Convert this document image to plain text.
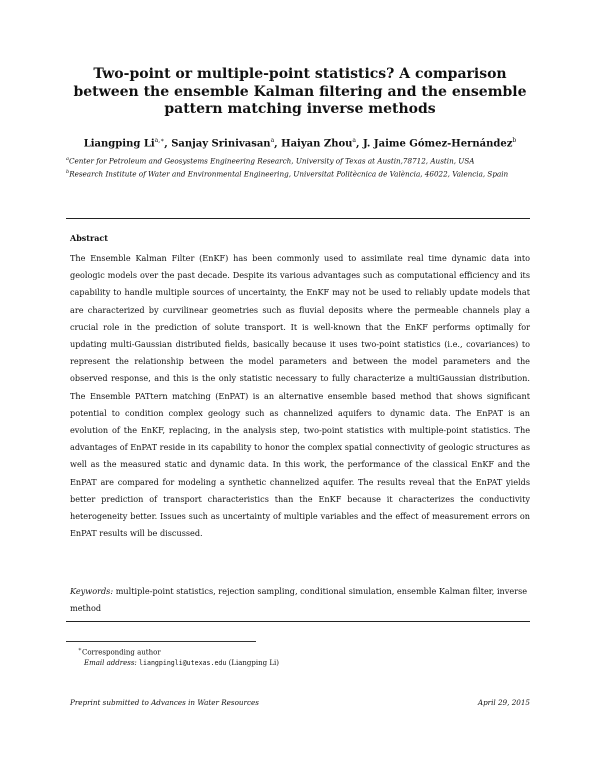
Two-point or multiple-point statistics? A comparison between the ensemble Kalman filtering and the ensemble pattern matching inverse methods
Liangping $Li^{a,∗}$, Sanjay Srinivasan$^a$, Haiyan Zhou$^a$, J. Jaime Gómez-Hernández$^b$
$^a$Center for Petroleum and Geosystems Engineering Research, University of Texas at Austin,78712, Austin, USA
$^b$Research Institute of Water and Environmental Engineering, Universitat Politècnica de València, 46022, Valencia, Spain
Abstract

The Ensemble Kalman Filter (EnKF) has been commonly used to assimilate real time dynamic data into geologic models over the past decade. Despite its various advantages such as computational efficiency and its capability to handle multiple sources of uncertainty, the EnKF may not be used to reliably update models that are characterized by curvilinear geometries such as fluvial deposits where the permeable channels play a crucial role in the prediction of solute transport. It is well-known that the EnKF performs optimally for updating multi-Gaussian distributed fields, basically because it uses two-point statistics (i.e., covariances) to represent the relationship between the model parameters and between the model parameters and the observed response, and this is the only statistic necessary to fully characterize a multiGaussian distribution. The Ensemble PATtern matching (EnPAT) is an alternative ensemble based method that shows significant potential to condition complex geology such as channelized aquifers to dynamic data. The EnPAT is an evolution of the EnKF, replacing, in the analysis step, two-point statistics with multiple-point statistics. The advantages of EnPAT reside in its capability to honor the complex spatial connectivity of geologic structures as well as the measured static and dynamic data. In this work, the performance of the classical EnKF and the EnPAT are compared for modeling a synthetic channelized aquifer. The results reveal that the EnPAT yields better prediction of transport characteristics than the EnKF because it characterizes the conductivity heterogeneity better. Issues such as uncertainty of multiple variables and the effect of measurement errors on EnPAT results will be discussed.

Keywords: multiple-point statistics, rejection sampling, conditional simulation, ensemble Kalman filter, inverse method
∗Corresponding author
Email address: liangpingli@utexas.edu (Liangping Li)
Preprint submitted to Advances in Water Resources	April 29, 2015
